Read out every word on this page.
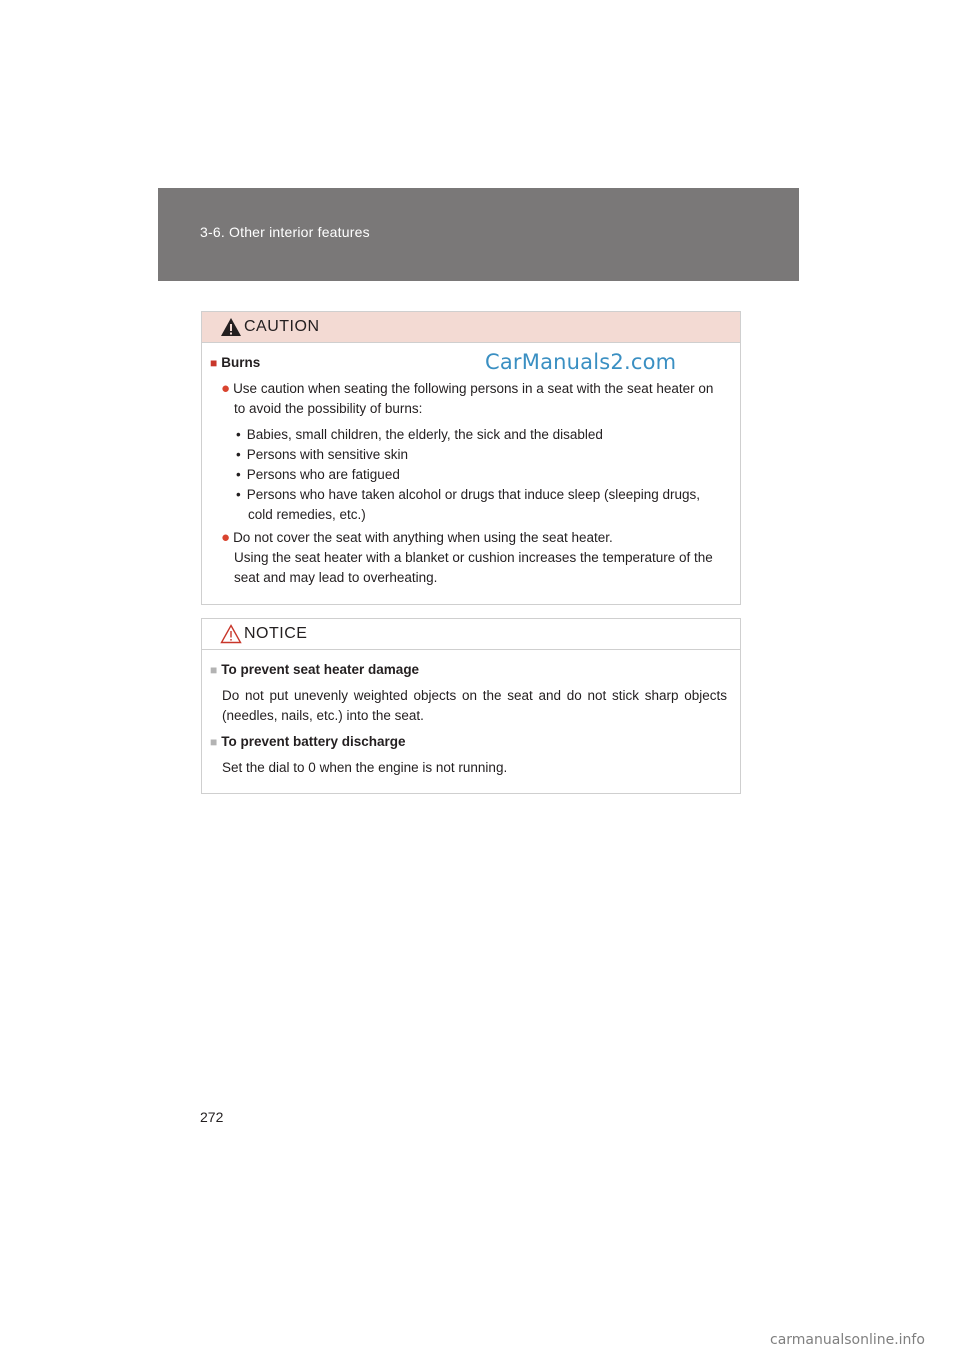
3-6. Other interior features
CAUTION
■ Burns
● Use caution when seating the following persons in a seat with the seat heater on
to avoid the possibility of burns:
• Babies, small children, the elderly, the sick and the disabled
• Persons with sensitive skin
• Persons who are fatigued
• Persons who have taken alcohol or drugs that induce sleep (sleeping drugs,
cold remedies, etc.)
● Do not cover the seat with anything when using the seat heater.
Using the seat heater with a blanket or cushion increases the temperature of the
seat and may lead to overheating.
CarManuals2.com
NOTICE
■ To prevent seat heater damage
Do not put unevenly weighted objects on the seat and do not stick sharp objects
(needles, nails, etc.) into the seat.
■ To prevent battery discharge
Set the dial to 0 when the engine is not running.
272
carmanualsonline.info
